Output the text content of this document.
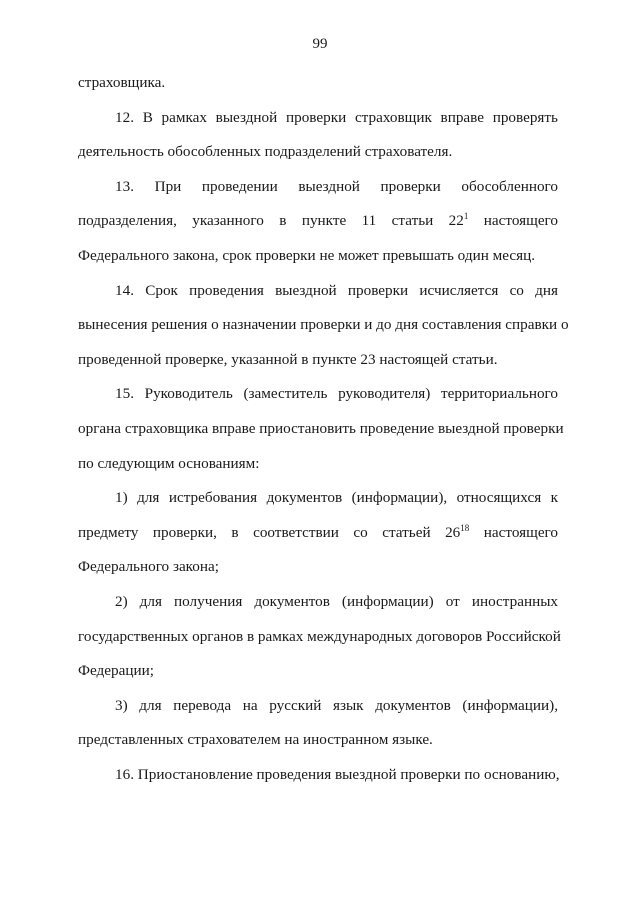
99
страховщика.
12. В рамках выездной проверки страховщик вправе проверять
деятельность обособленных подразделений страхователя.
13. При проведении выездной проверки обособленного
подразделения, указанного в пункте 11 статьи $22^1$ настоящего
Федерального закона, срок проверки не может превышать один месяц.
14. Срок проведения выездной проверки исчисляется со дня
вынесения решения о назначении проверки и до дня составления справки о
проведенной проверке, указанной в пункте 23 настоящей статьи.
15. Руководитель (заместитель руководителя) территориального
органа страховщика вправе приостановить проведение выездной проверки
по следующим основаниям:
1) для истребования документов (информации), относящихся к
предмету проверки, в соответствии со статьей $26^{18}$ настоящего
Федерального закона;
2) для получения документов (информации) от иностранных
государственных органов в рамках международных договоров Российской
Федерации;
3) для перевода на русский язык документов (информации),
представленных страхователем на иностранном языке.
16. Приостановление проведения выездной проверки по основанию,
